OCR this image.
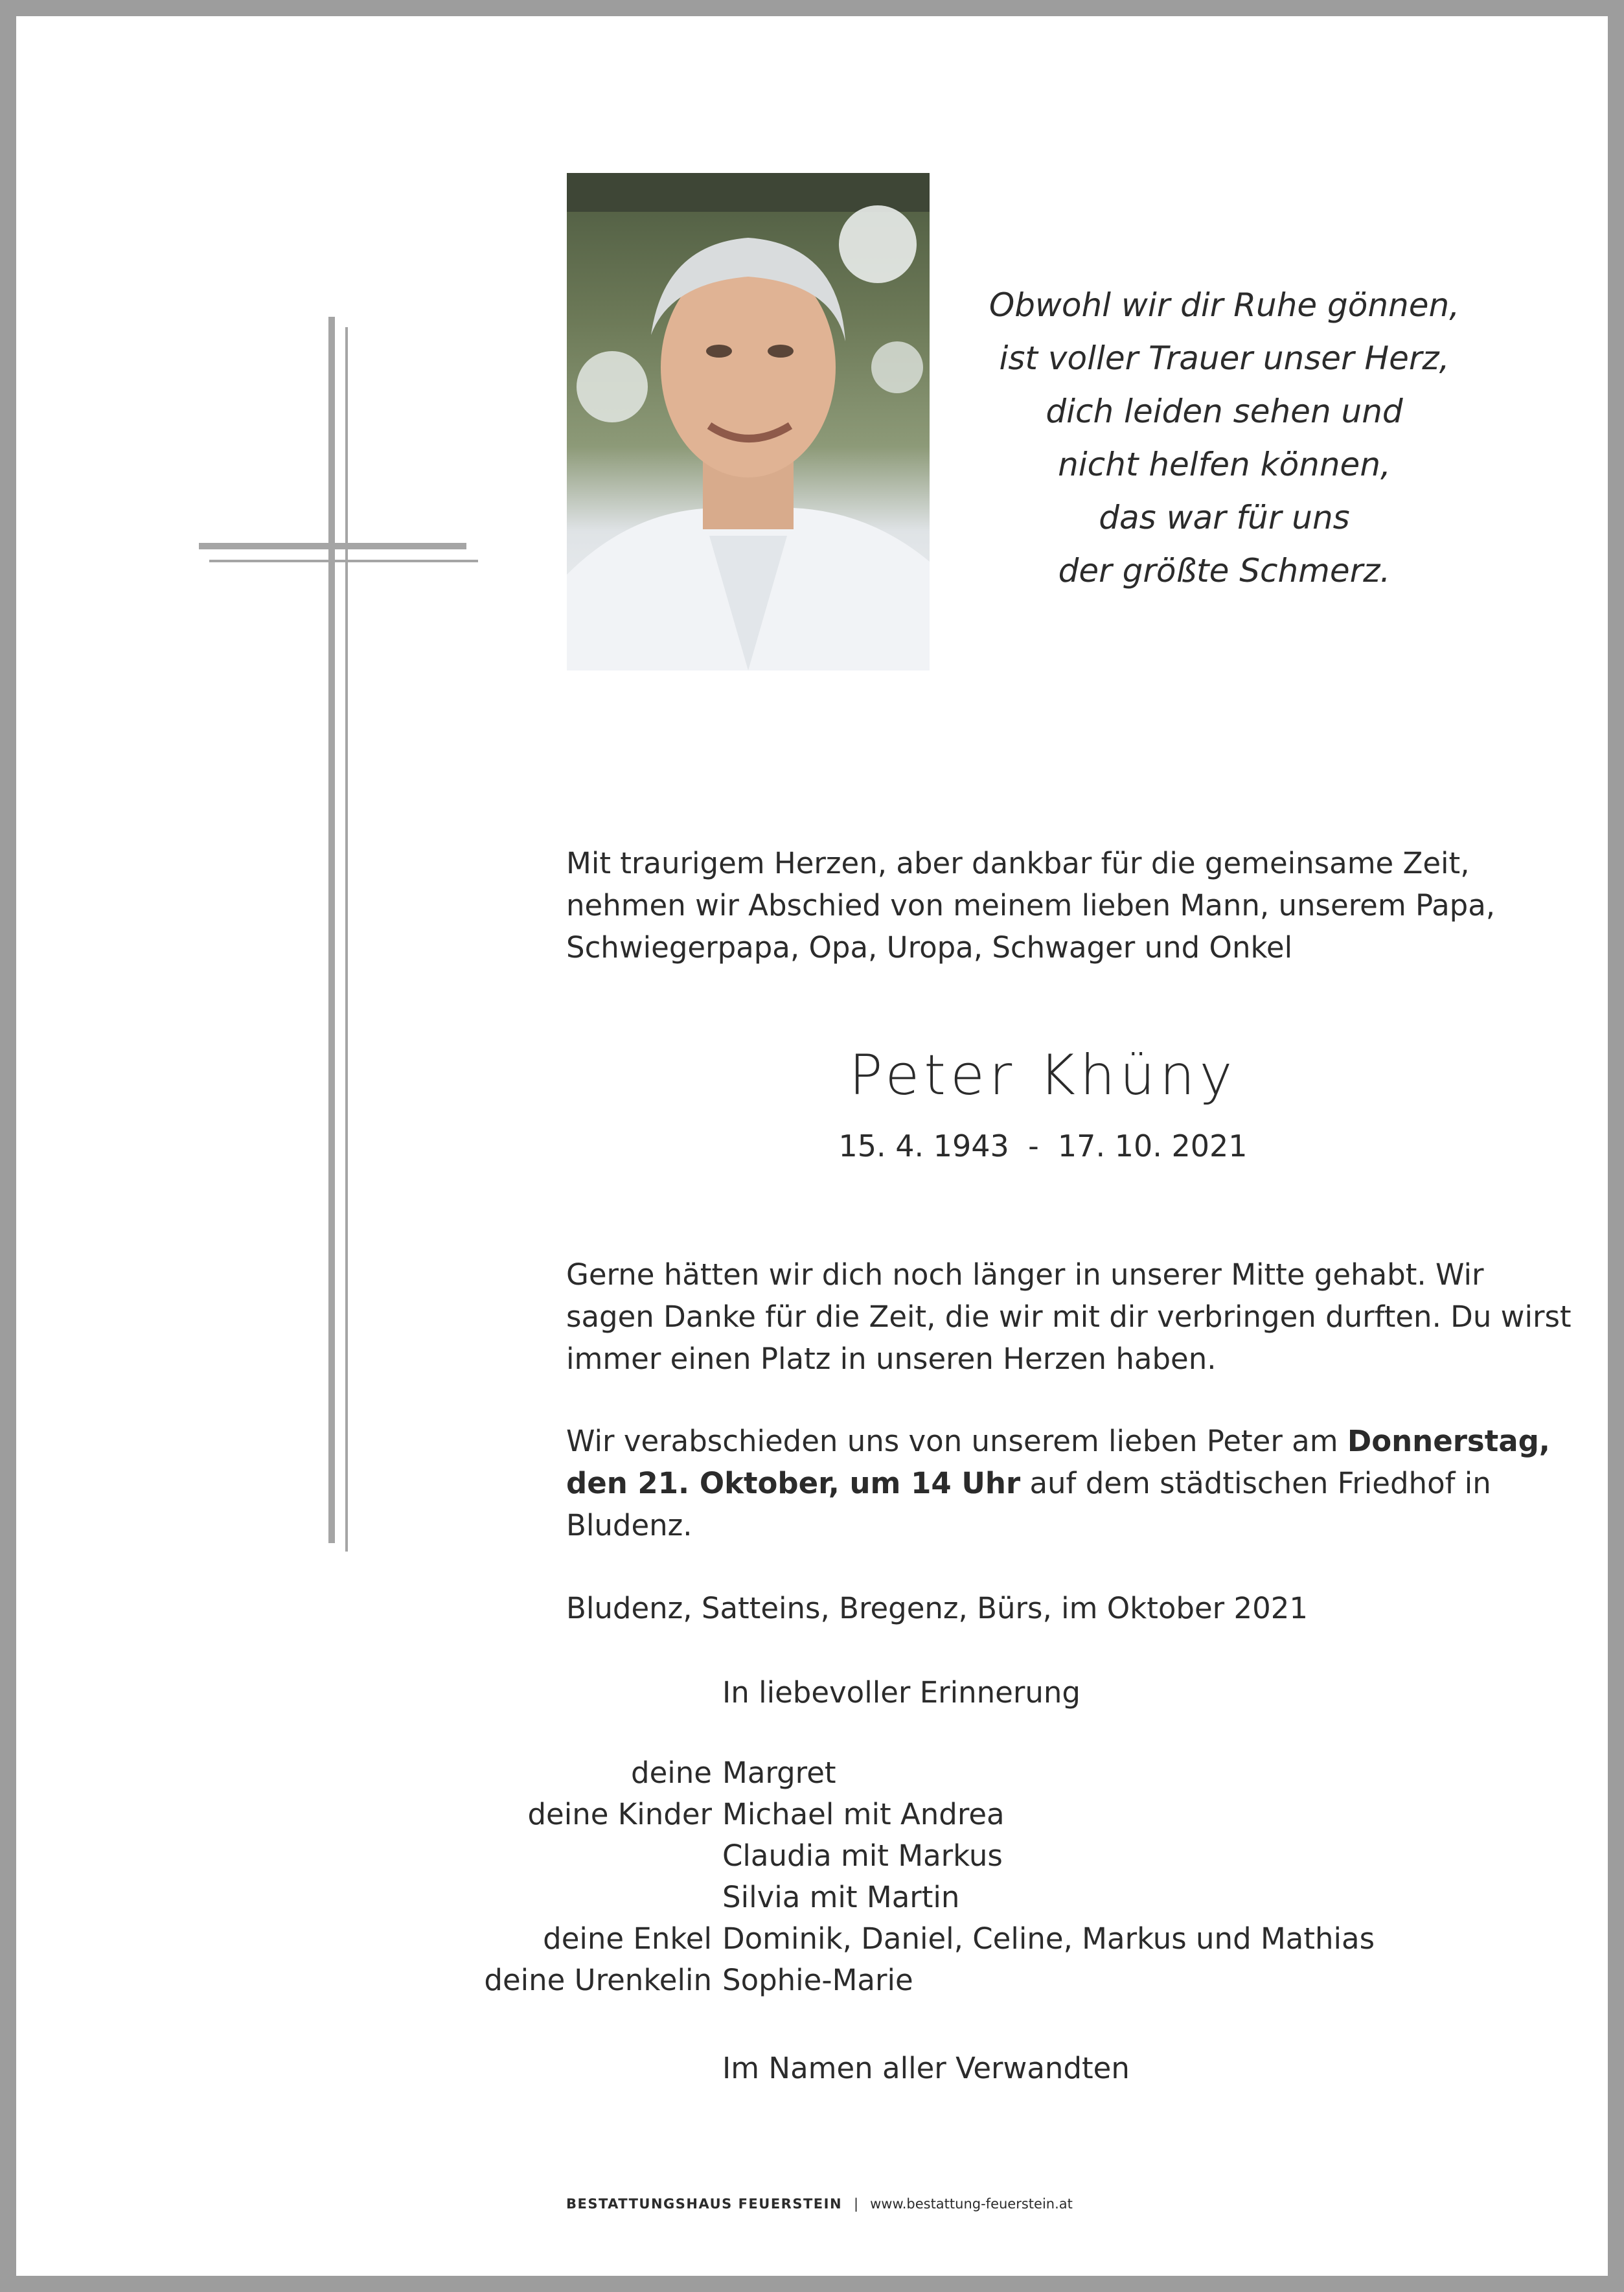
Obwohl wir dir Ruhe gönnen,
ist voller Trauer unser Herz,
dich leiden sehen und
nicht helfen können,
das war für uns
der größte Schmerz.
Mit traurigem Herzen, aber dankbar für die gemeinsame Zeit,
nehmen wir Abschied von meinem lieben Mann, unserem Papa,
Schwiegerpapa, Opa, Uropa, Schwager und Onkel
Peter Khüny
15. 4. 1943  -  17. 10. 2021
Gerne hätten wir dich noch länger in unserer Mitte gehabt. Wir
sagen Danke für die Zeit, die wir mit dir verbringen durften. Du wirst
immer einen Platz in unseren Herzen haben.
Wir verabschieden uns von unserem lieben Peter am Donnerstag,
den 21. Oktober, um 14 Uhr auf dem städtischen Friedhof in
Bludenz.
Bludenz, Satteins, Bregenz, Bürs, im Oktober 2021
In liebevoller Erinnerung
deine Margret
deine Kinder Michael mit Andrea
Claudia mit Markus
Silvia mit Martin
deine Enkel Dominik, Daniel, Celine, Markus und Mathias
deine Urenkelin Sophie-Marie
Im Namen aller Verwandten
BESTATTUNGSHAUS FEUERSTEIN | www.bestattung-feuerstein.at
